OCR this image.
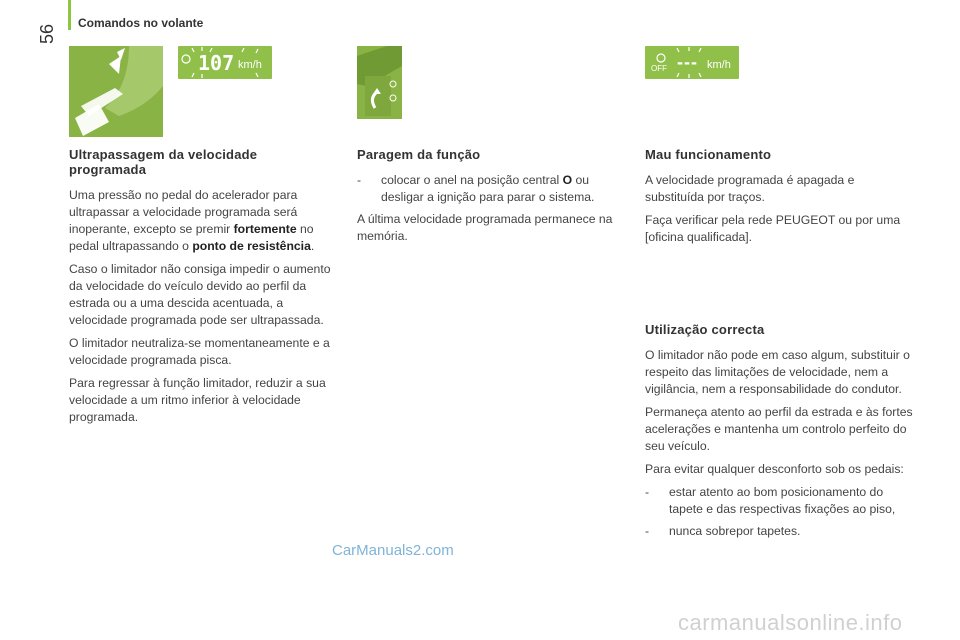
56
Comandos no volante
107 km/h	OFF --- km/h
Ultrapassagem da velocidade programada

Uma pressão no pedal do acelerador para ultrapassar a velocidade programada será inoperante, excepto se premir fortemente no pedal ultrapassando o ponto de resistência.

Caso o limitador não consiga impedir o aumento da velocidade do veículo devido ao perfil da estrada ou a uma descida acentuada, a velocidade programada pode ser ultrapassada.

O limitador neutraliza-se momentaneamente e a velocidade programada pisca.

Para regressar à função limitador, reduzir a sua velocidade a um ritmo inferior à velocidade programada.

Paragem da função
-	colocar o anel na posição central O ou desligar a ignição para parar o sistema.

A última velocidade programada permanece na memória.

Mau funcionamento

A velocidade programada é apagada e substituída por traços.

Faça verificar pela rede PEUGEOT ou por uma [oficina qualificada].

Utilização correcta

O limitador não pode em caso algum, substituir o respeito das limitações de velocidade, nem a vigilância, nem a responsabilidade do condutor.

Permaneça atento ao perfil da estrada e às fortes acelerações e mantenha um controlo perfeito do seu veículo.

Para evitar qualquer desconforto sob os pedais:

-	estar atento ao bom posicionamento do tapete e das respectivas fixações ao piso,
-	nunca sobrepor tapetes.
CarManuals2.com
carmanualsonline.info
